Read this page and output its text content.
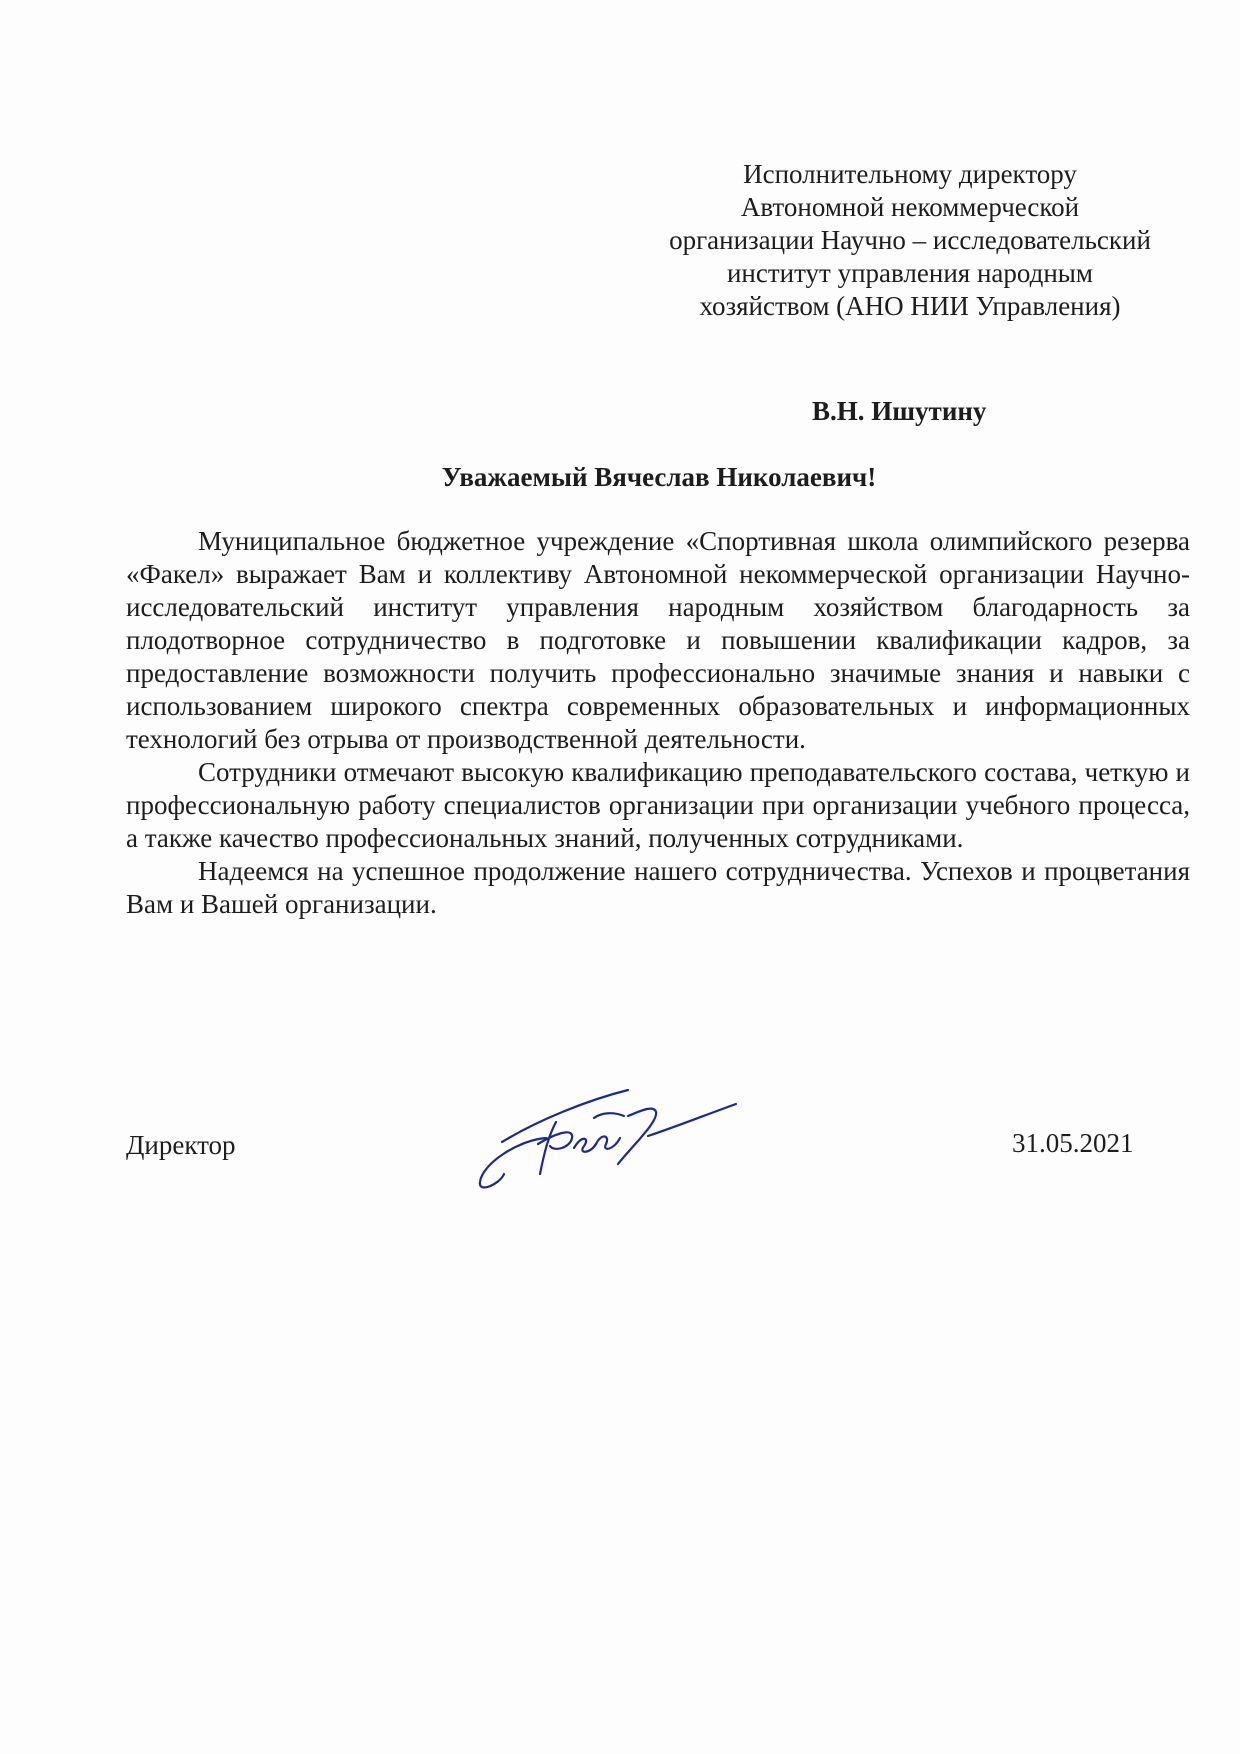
Исполнительному директору
Автономной некоммерческой
организации Научно – исследовательский
институт управления народным
хозяйством (АНО НИИ Управления)
В.Н. Ишутину
Уважаемый Вячеслав Николаевич!

Муниципальное бюджетное учреждение «Спортивная школа олимпийского резерва «Факел» выражает Вам и коллективу Автономной некоммерческой организации Научно-исследовательский институт управления народным хозяйством благодарность за плодотворное сотрудничество в подготовке и повышении квалификации кадров, за предоставление возможности получить профессионально значимые знания и навыки с использованием широкого спектра современных образовательных и информационных технологий без отрыва от производственной деятельности.

Сотрудники отмечают высокую квалификацию преподавательского состава, четкую и профессиональную работу специалистов организации при организации учебного процесса, а также качество профессиональных знаний, полученных сотрудниками.

Надеемся на успешное продолжение нашего сотрудничества. Успехов и процветания Вам и Вашей организации.

Директор	31.05.2021
